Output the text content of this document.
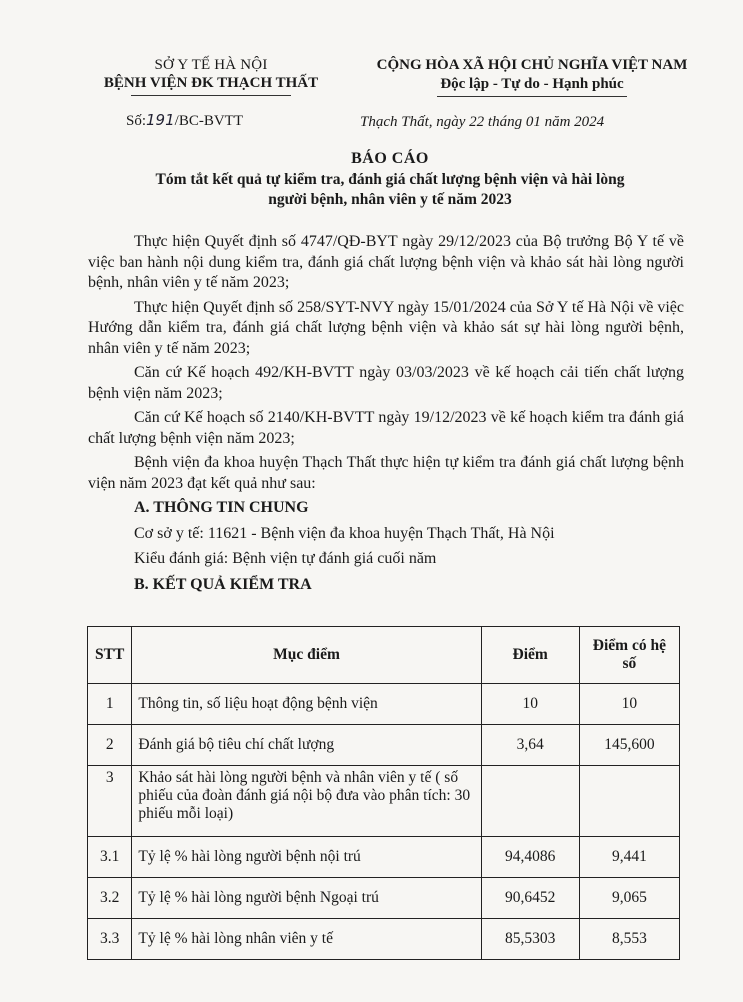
SỞ Y TẾ HÀ NỘI
BỆNH VIỆN ĐK THẠCH THẤT
CỘNG HÒA XÃ HỘI CHỦ NGHĨA VIỆT NAM
Độc lập - Tự do - Hạnh phúc
Số:191/BC-BVTT	Thạch Thất, ngày 22 tháng 01 năm 2024
BÁO CÁO
Tóm tắt kết quả tự kiểm tra, đánh giá chất lượng bệnh viện và hài lòng
người bệnh, nhân viên y tế năm 2023

Thực hiện Quyết định số 4747/QĐ-BYT ngày 29/12/2023 của Bộ trưởng Bộ Y tế về việc ban hành nội dung kiểm tra, đánh giá chất lượng bệnh viện và khảo sát hài lòng người bệnh, nhân viên y tế năm 2023;

Thực hiện Quyết định số 258/SYT-NVY ngày 15/01/2024 của Sở Y tế Hà Nội về việc Hướng dẫn kiểm tra, đánh giá chất lượng bệnh viện và khảo sát sự hài lòng người bệnh, nhân viên y tế năm 2023;

Căn cứ Kế hoạch 492/KH-BVTT ngày 03/03/2023 về kế hoạch cải tiến chất lượng bệnh viện năm 2023;

Căn cứ Kế hoạch số 2140/KH-BVTT ngày 19/12/2023 về kế hoạch kiểm tra đánh giá chất lượng bệnh viện năm 2023;

Bệnh viện đa khoa huyện Thạch Thất thực hiện tự kiểm tra đánh giá chất lượng bệnh viện năm 2023 đạt kết quả như sau:

A. THÔNG TIN CHUNG
Cơ sở y tế: 11621 - Bệnh viện đa khoa huyện Thạch Thất, Hà Nội
Kiểu đánh giá: Bệnh viện tự đánh giá cuối năm
B. KẾT QUẢ KIỂM TRA
STT	Mục điểm	Điểm	Điểm có hệ số
1	Thông tin, số liệu hoạt động bệnh viện	10	10
2	Đánh giá bộ tiêu chí chất lượng	3,64	145,600
3	Khảo sát hài lòng người bệnh và nhân viên y tế ( số phiếu của đoàn đánh giá nội bộ đưa vào phân tích: 30 phiếu mỗi loại)		
3.1	Tỷ lệ % hài lòng người bệnh nội trú	94,4086	9,441
3.2	Tỷ lệ % hài lòng người bệnh Ngoại trú	90,6452	9,065
3.3	Tỷ lệ % hài lòng nhân viên y tế	85,5303	8,553
